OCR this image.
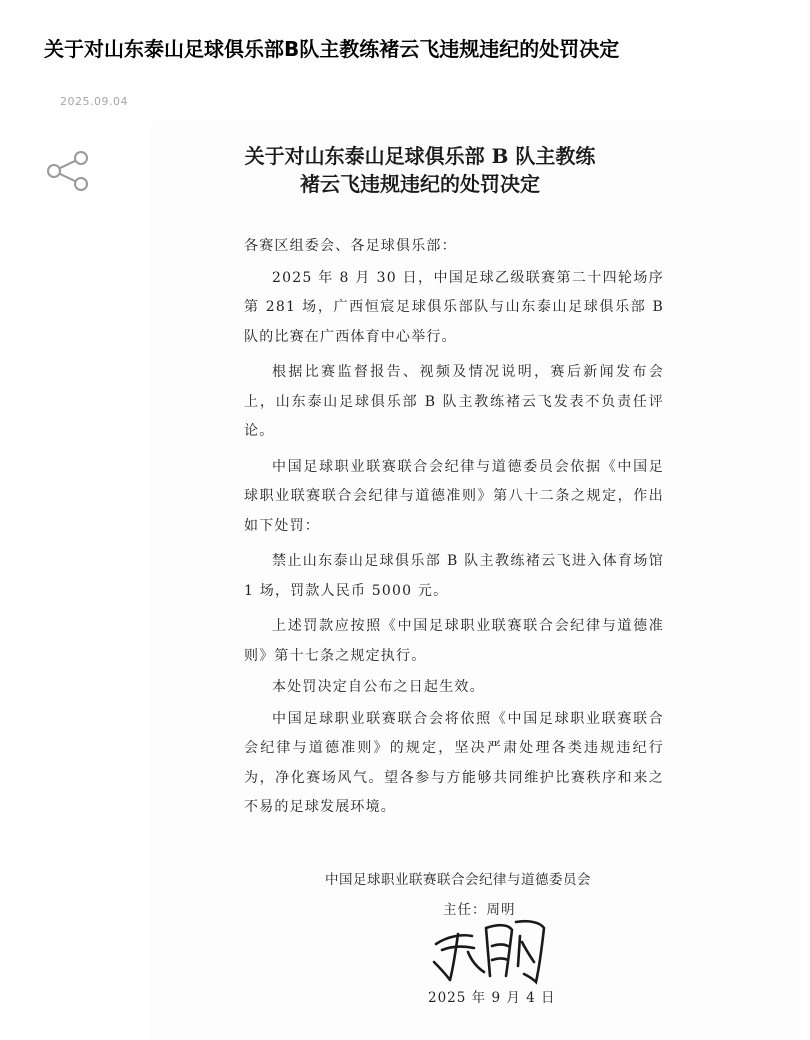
关于对山东泰山足球俱乐部B队主教练褚云飞违规违纪的处罚决定
2025.09.04
关于对山东泰山足球俱乐部 B 队主教练
褚云飞违规违纪的处罚决定

各赛区组委会、各足球俱乐部：

2025 年 8 月 30 日，中国足球乙级联赛第二十四轮场序第 281 场，广西恒宸足球俱乐部队与山东泰山足球俱乐部 B 队的比赛在广西体育中心举行。

根据比赛监督报告、视频及情况说明，赛后新闻发布会上，山东泰山足球俱乐部 B 队主教练褚云飞发表不负责任评论。

中国足球职业联赛联合会纪律与道德委员会依据《中国足球职业联赛联合会纪律与道德准则》第八十二条之规定，作出如下处罚：

禁止山东泰山足球俱乐部 B 队主教练褚云飞进入体育场馆 1 场，罚款人民币 5000 元。

上述罚款应按照《中国足球职业联赛联合会纪律与道德准则》第十七条之规定执行。

本处罚决定自公布之日起生效。

中国足球职业联赛联合会将依照《中国足球职业联赛联合会纪律与道德准则》的规定，坚决严肃处理各类违规违纪行为，净化赛场风气。望各参与方能够共同维护比赛秩序和来之不易的足球发展环境。

中国足球职业联赛联合会纪律与道德委员会
主任：周明
2025 年 9 月 4 日
